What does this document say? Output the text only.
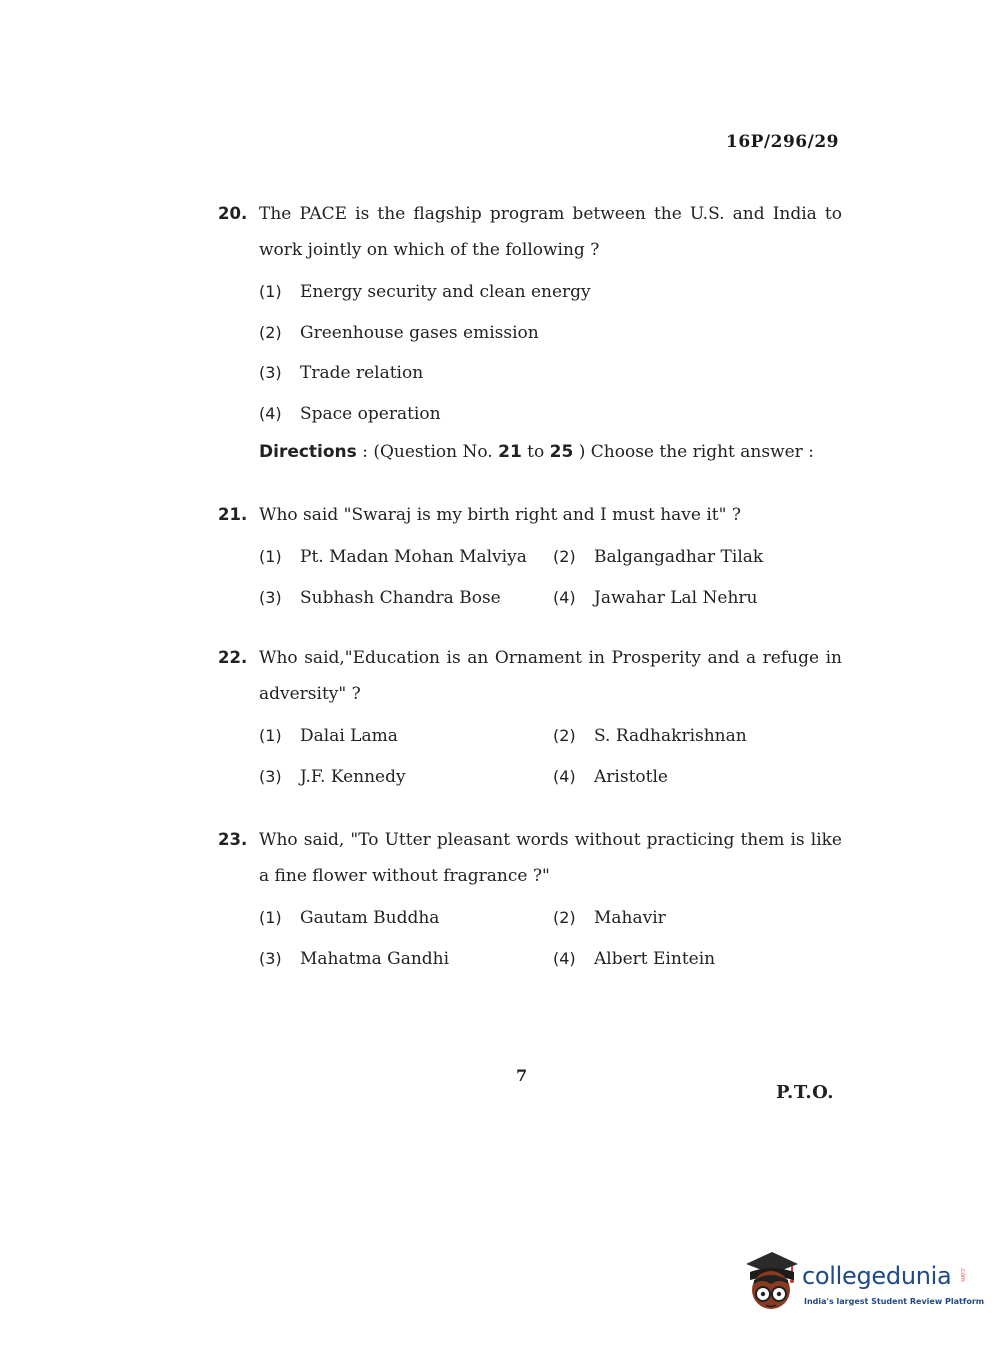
16P/296/29
20. The PACE is the flagship program between the U.S. and India to work jointly on which of the following ?
(1) Energy security and clean energy
(2) Greenhouse gases emission
(3) Trade relation
(4) Space operation
Directions : (Question No. 21 to 25 ) Choose the right answer :
21. Who said "Swaraj is my birth right and I must have it" ?
(1) Pt. Madan Mohan Malviya	(2) Balgangadhar Tilak
(3) Subhash Chandra Bose	(4) Jawahar Lal Nehru
22. Who said,"Education is an Ornament in Prosperity and a refuge in adversity" ?
(1) Dalai Lama	(2) S. Radhakrishnan
(3) J.F. Kennedy	(4) Aristotle
23. Who said, "To Utter pleasant words without practicing them is like a fine flower without fragrance ?"
(1) Gautam Buddha	(2) Mahavir
(3) Mahatma Gandhi	(4) Albert Eintein
7
P.T.O.
collegedunia .com
India's largest Student Review Platform
